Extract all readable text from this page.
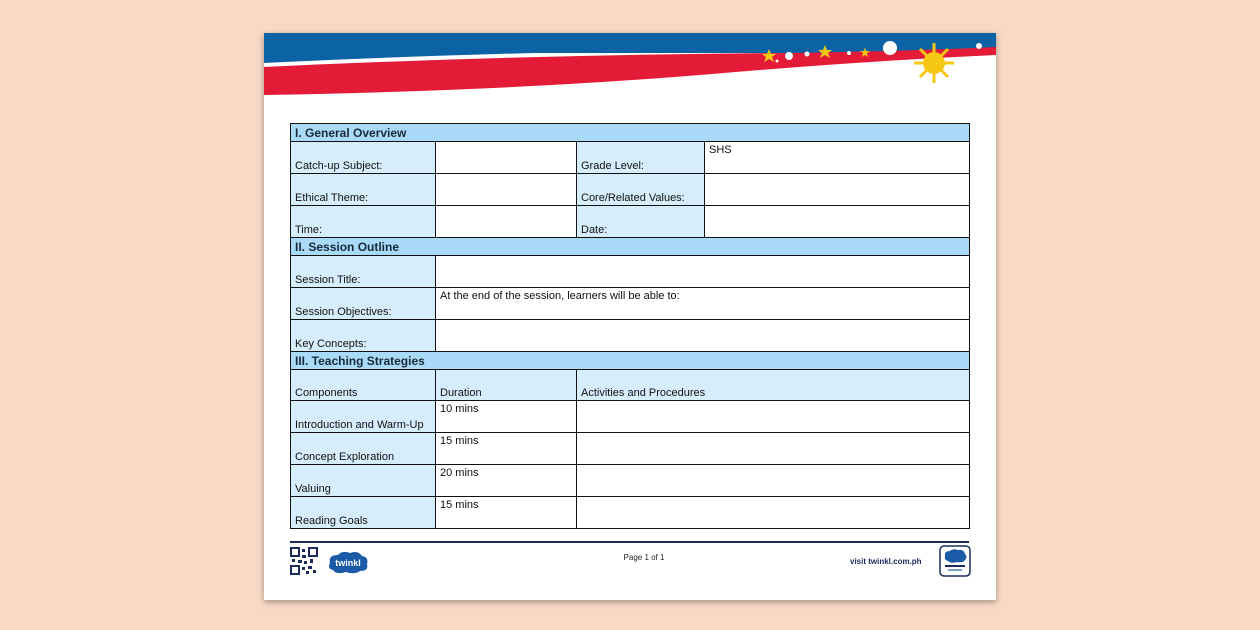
I. General Overview			
Catch-up Subject:		Grade Level:	SHS
Ethical Theme:		Core/Related Values:	
Time:		Date:	
II. Session Outline			
Session Title:			
Session Objectives:	At the end of the session, learners will be able to:		
Key Concepts:			
III. Teaching Strategies			
Components	Duration	Activities and Procedures	
Introduction and Warm-Up	10 mins		
Concept Exploration	15 mins		
Valuing	20 mins		
Reading Goals	15 mins		
twinkl
Page 1 of 1	visit twinkl.com.ph
